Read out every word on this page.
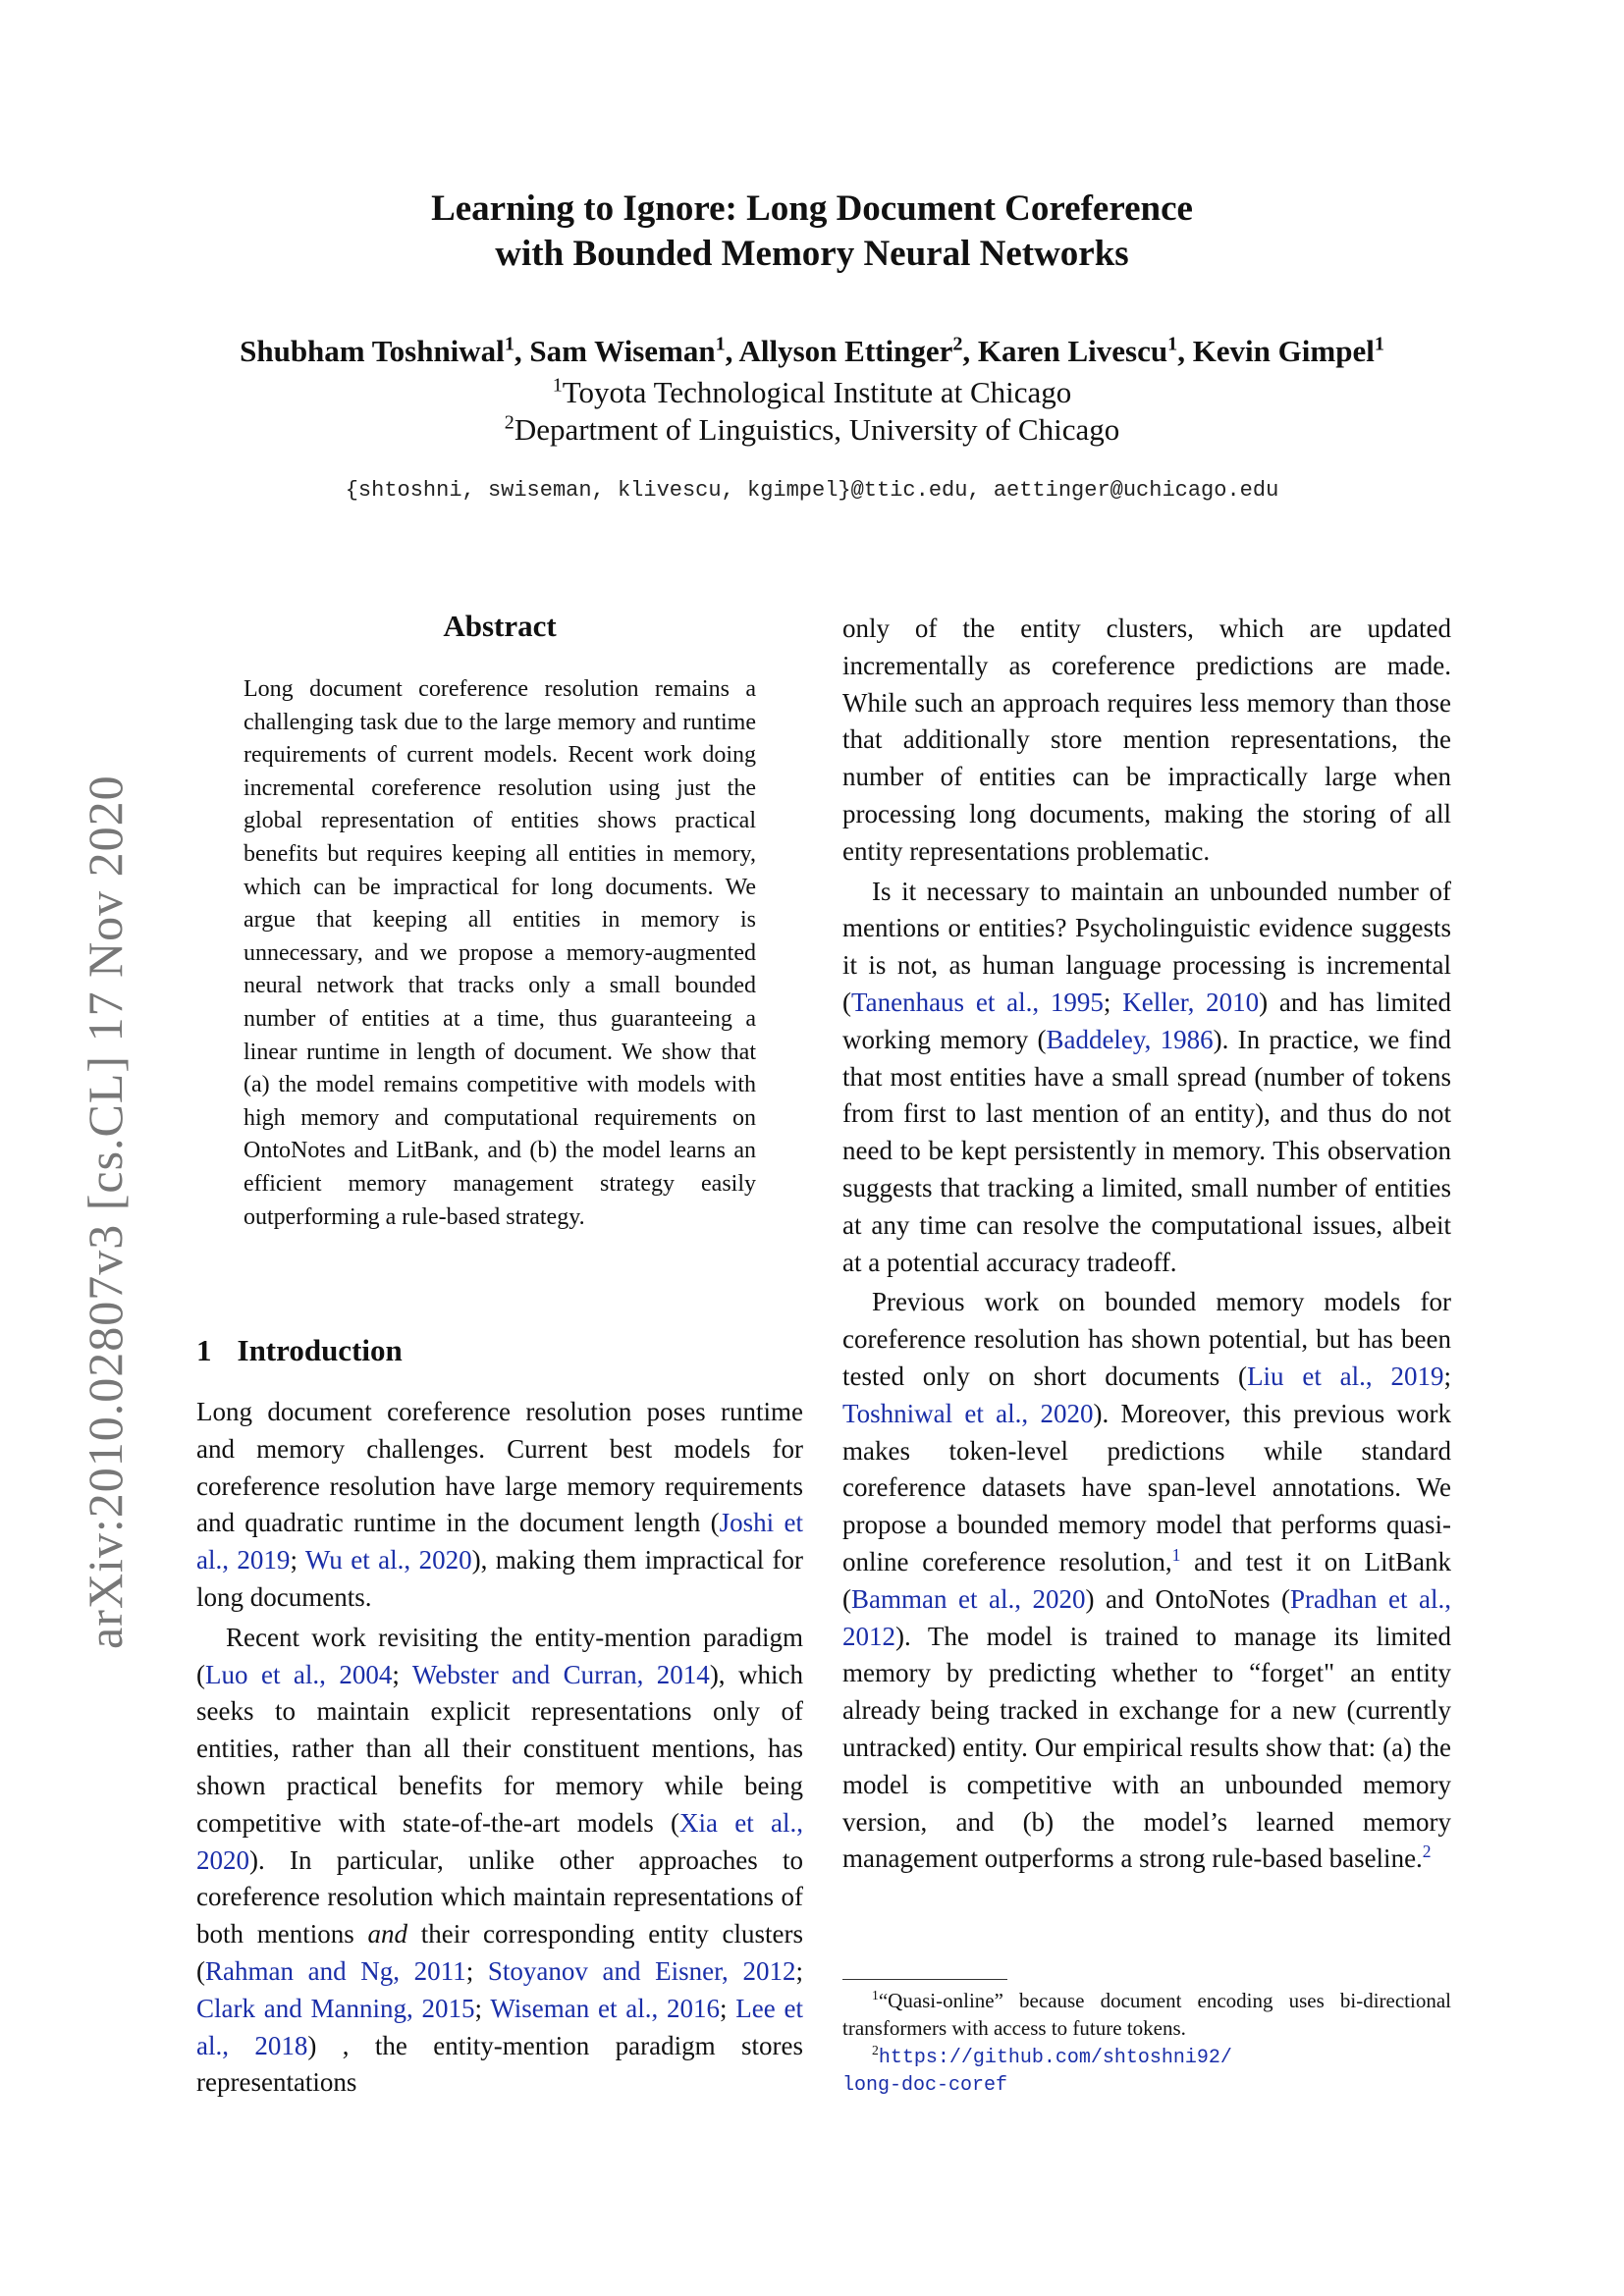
arXiv:2010.02807v3 [cs.CL] 17 Nov 2020
Learning to Ignore: Long Document Coreference
with Bounded Memory Neural Networks
Shubham Toshniwal$^1$, Sam Wiseman$^1$, Allyson Ettinger$^2$, Karen Livescu$^1$, Kevin Gimpel$^1$
$^1$Toyota Technological Institute at Chicago
$^2$Department of Linguistics, University of Chicago
{shtoshni, swiseman, klivescu, kgimpel}@ttic.edu, aettinger@uchicago.edu
Abstract
Long document coreference resolution remains a challenging task due to the large memory and runtime requirements of current models. Recent work doing incremental coreference resolution using just the global representation of entities shows practical benefits but requires keeping all entities in memory, which can be impractical for long documents. We argue that keeping all entities in memory is unnecessary, and we propose a memory-augmented neural network that tracks only a small bounded number of entities at a time, thus guaranteeing a linear runtime in length of document. We show that (a) the model remains competitive with models with high memory and computational requirements on OntoNotes and LitBank, and (b) the model learns an efficient memory management strategy easily outperforming a rule-based strategy.
1 Introduction

Long document coreference resolution poses runtime and memory challenges. Current best models for coreference resolution have large memory requirements and quadratic runtime in the document length (Joshi et al., 2019; Wu et al., 2020), making them impractical for long documents.

Recent work revisiting the entity-mention paradigm (Luo et al., 2004; Webster and Curran, 2014), which seeks to maintain explicit representations only of entities, rather than all their constituent mentions, has shown practical benefits for memory while being competitive with state-of-the-art models (Xia et al., 2020). In particular, unlike other approaches to coreference resolution which maintain representations of both mentions and their corresponding entity clusters (Rahman and Ng, 2011; Stoyanov and Eisner, 2012; Clark and Manning, 2015; Wiseman et al., 2016; Lee et al., 2018) , the entity-mention paradigm stores representations

only of the entity clusters, which are updated incrementally as coreference predictions are made. While such an approach requires less memory than those that additionally store mention representations, the number of entities can be impractically large when processing long documents, making the storing of all entity representations problematic.

Is it necessary to maintain an unbounded number of mentions or entities? Psycholinguistic evidence suggests it is not, as human language processing is incremental (Tanenhaus et al., 1995; Keller, 2010) and has limited working memory (Baddeley, 1986). In practice, we find that most entities have a small spread (number of tokens from first to last mention of an entity), and thus do not need to be kept persistently in memory. This observation suggests that tracking a limited, small number of entities at any time can resolve the computational issues, albeit at a potential accuracy tradeoff.

Previous work on bounded memory models for coreference resolution has shown potential, but has been tested only on short documents (Liu et al., 2019; Toshniwal et al., 2020). Moreover, this previous work makes token-level predictions while standard coreference datasets have span-level annotations. We propose a bounded memory model that performs quasi-online coreference resolution,$^1$ and test it on LitBank (Bamman et al., 2020) and OntoNotes (Pradhan et al., 2012). The model is trained to manage its limited memory by predicting whether to “forget" an entity already being tracked in exchange for a new (currently untracked) entity. Our empirical results show that: (a) the model is competitive with an unbounded memory version, and (b) the model’s learned memory management outperforms a strong rule-based baseline.$^2$

$^1$“Quasi-online” because document encoding uses bi-directional transformers with access to future tokens.

$^2$https://github.com/shtoshni92/

long-doc-coref
